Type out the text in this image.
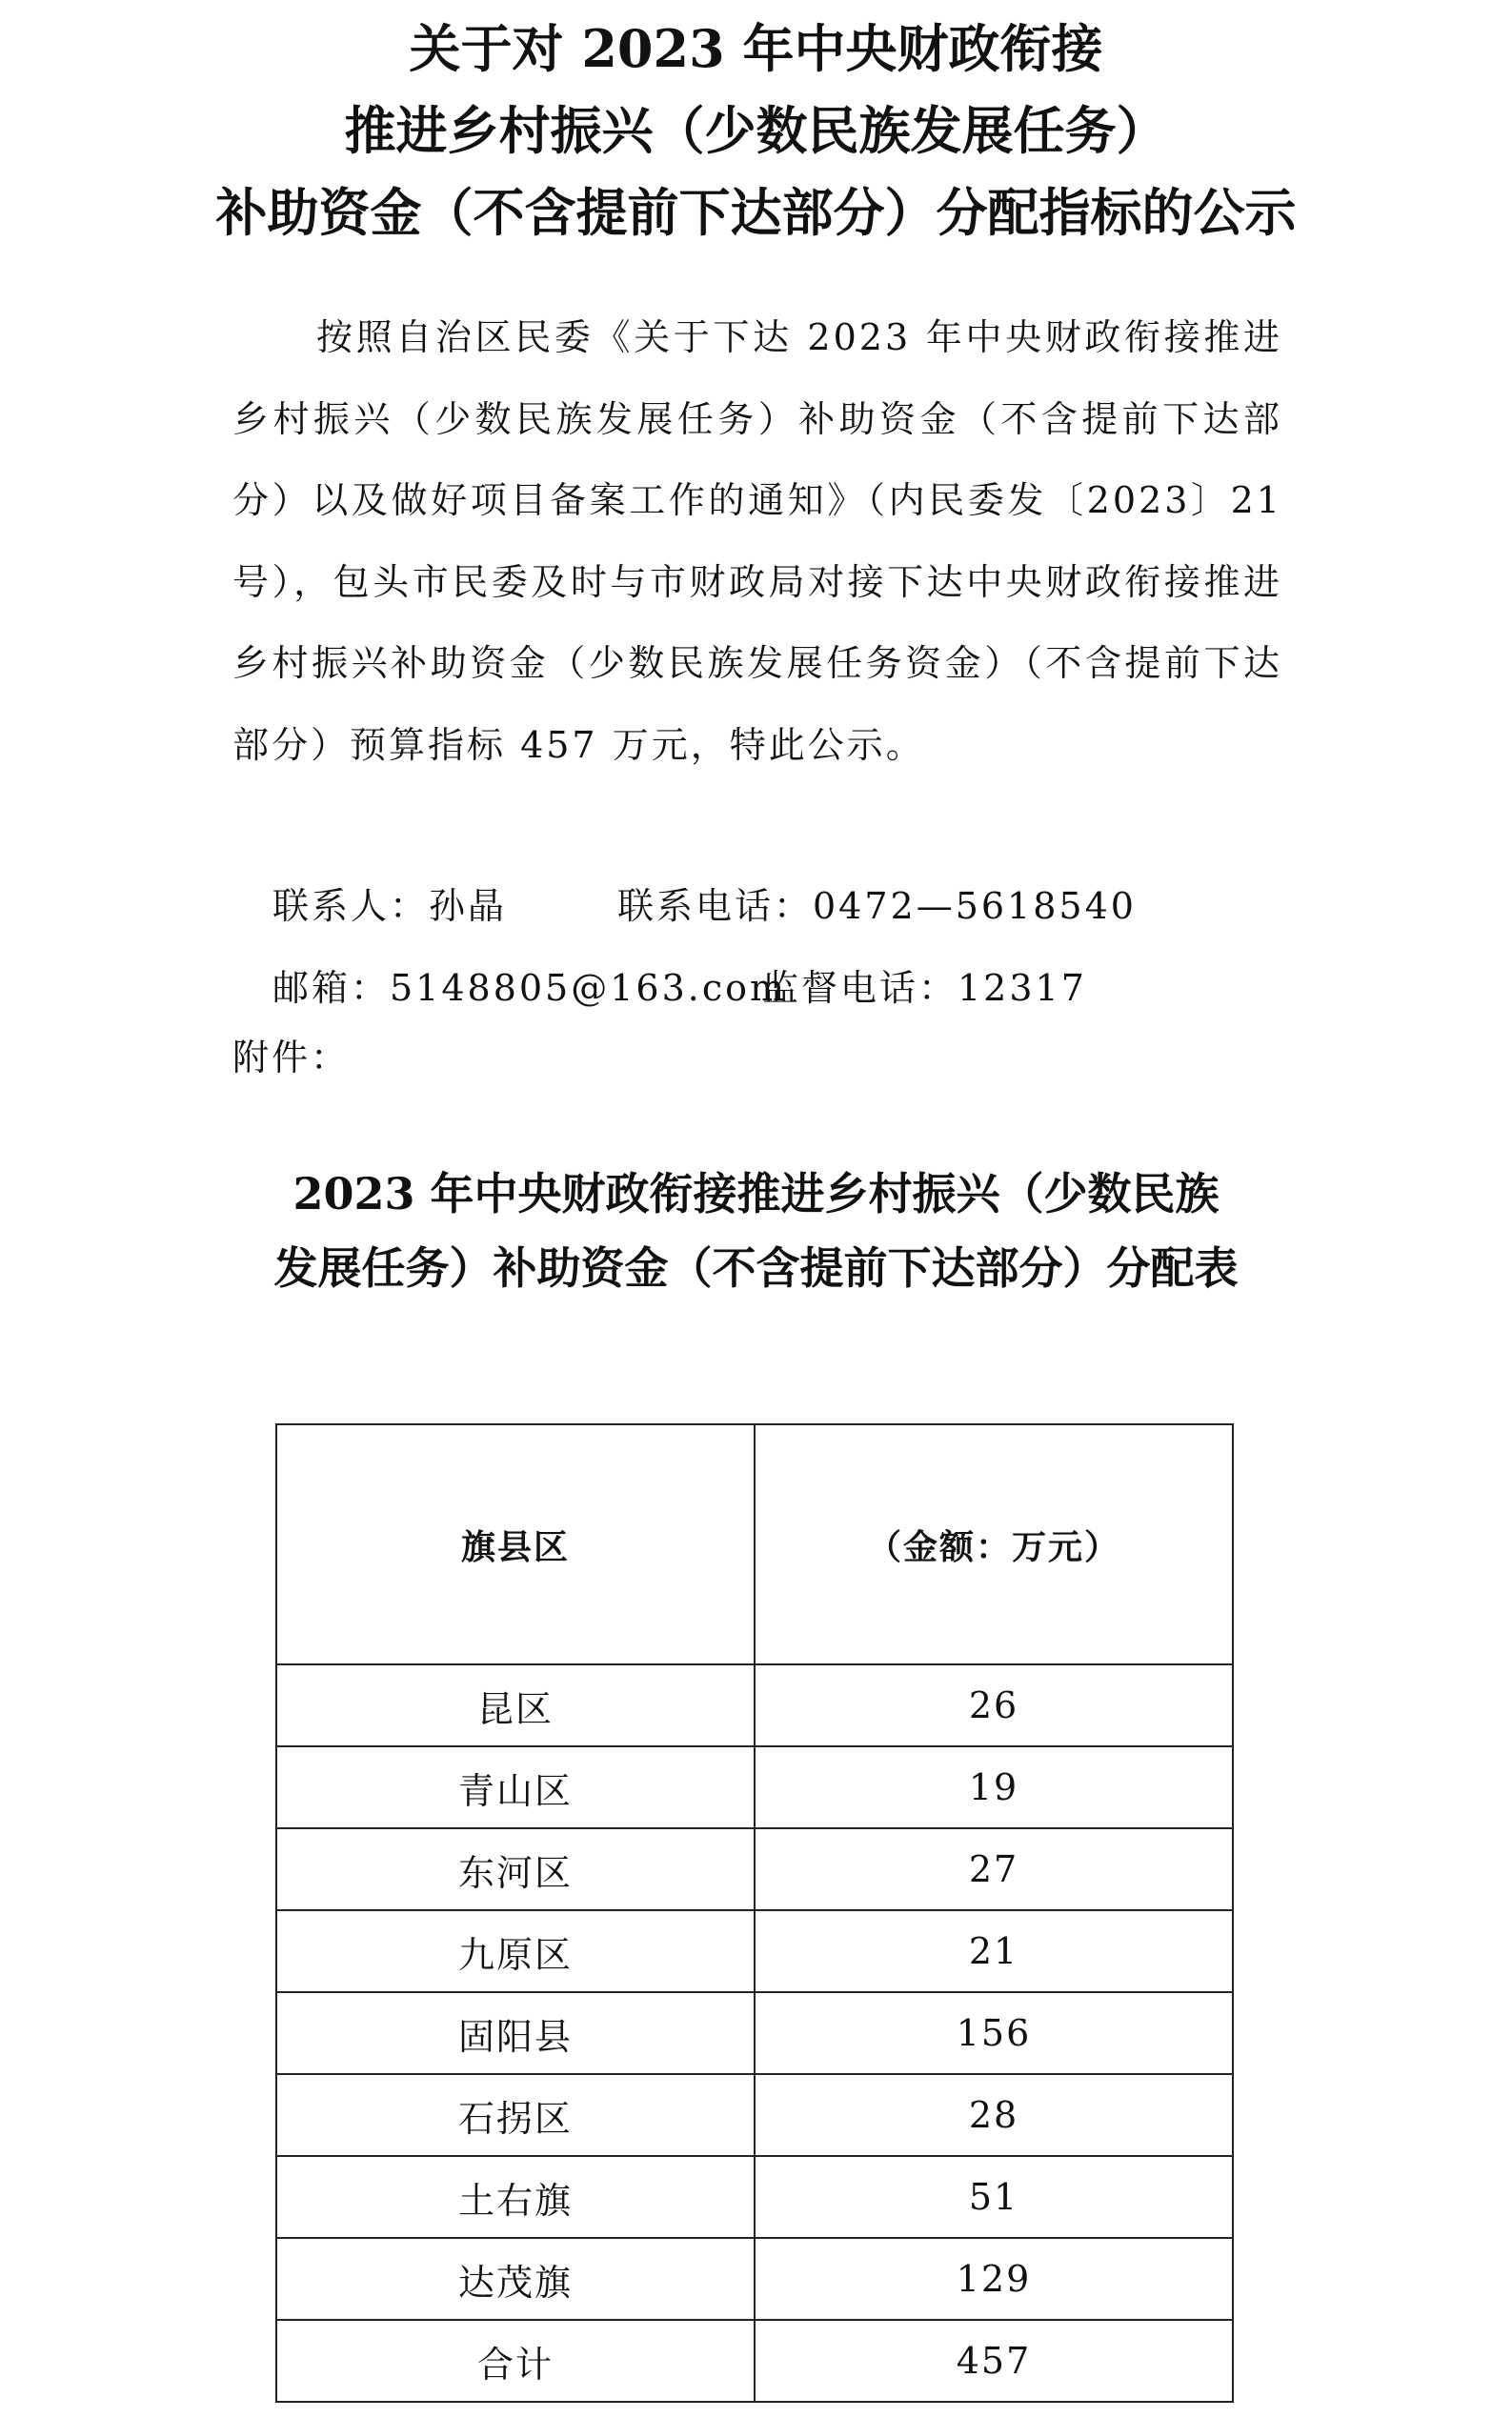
关于对 2023 年中央财政衔接
推进乡村振兴（少数民族发展任务）
补助资金（不含提前下达部分）分配指标的公示
按照自治区民委《关于下达 2023 年中央财政衔接推进乡村振兴（少数民族发展任务）补助资金（不含提前下达部分）以及做好项目备案工作的通知》（内民委发〔2023〕21号），包头市民委及时与市财政局对接下达中央财政衔接推进乡村振兴补助资金（少数民族发展任务资金）（不含提前下达部分）预算指标 457 万元，特此公示。
联系人：孙晶	联系电话：0472—5618540
邮箱：5148805@163.com
监督电话：12317
附件：
2023 年中央财政衔接推进乡村振兴（少数民族
发展任务）补助资金（不含提前下达部分）分配表
旗县区	（金额：万元）
昆区	26
青山区	19
东河区	27
九原区	21
固阳县	156
石拐区	28
土右旗	51
达茂旗	129
合计	457
